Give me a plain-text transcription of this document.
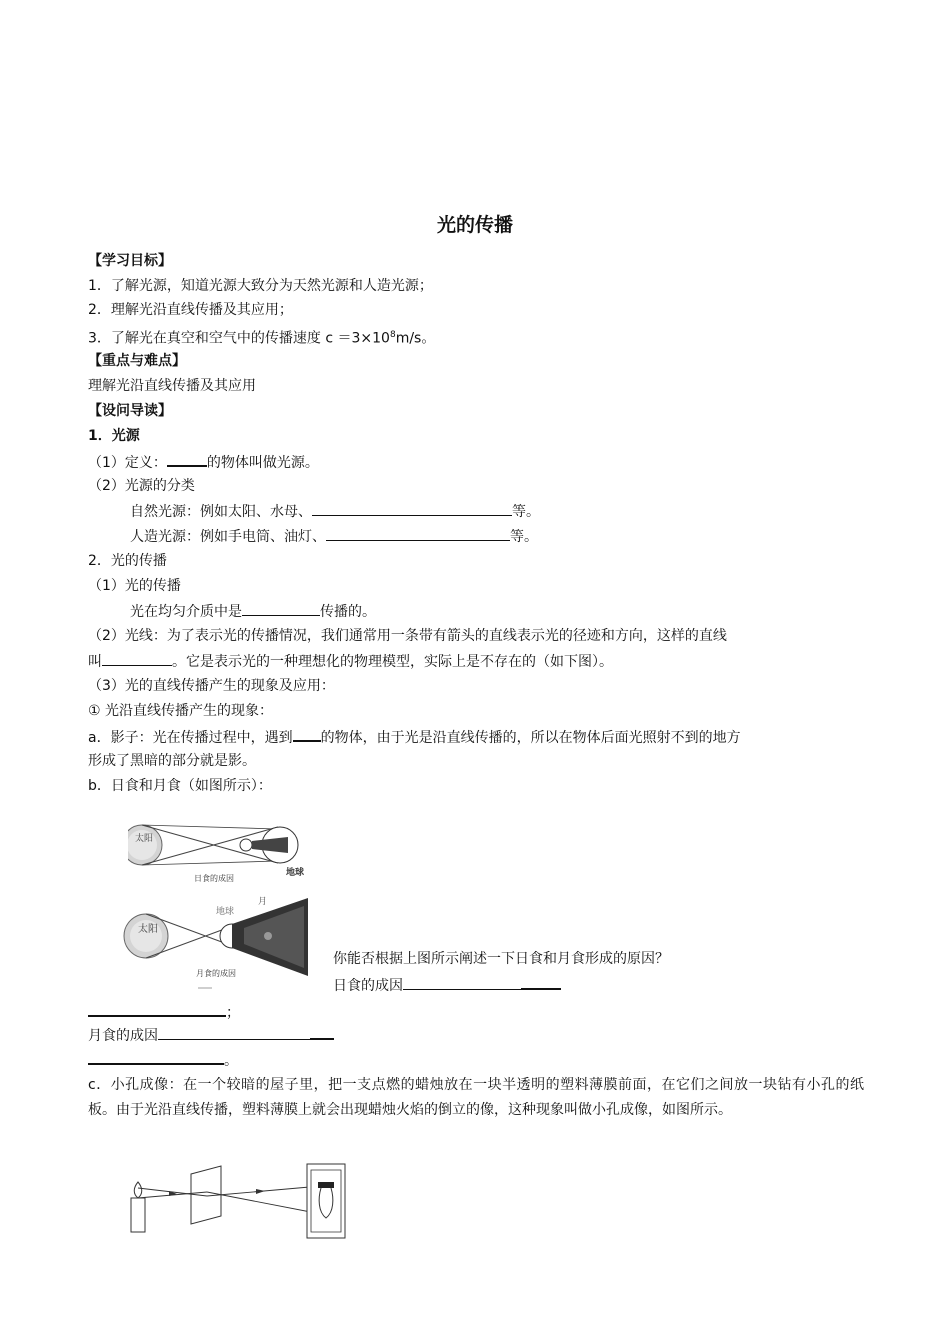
光的传播
【学习目标】
1．了解光源，知道光源大致分为天然光源和人造光源；
2．理解光沿直线传播及其应用；
3．了解光在真空和空气中的传播速度 $c =3\times 10^8m/s$。
【重点与难点】
理解光沿直线传播及其应用
【设问导读】
1．光源
（1）定义：	的物体叫做光源。
（2）光源的分类
自然光源：例如太阳、水母、	等。
人造光源：例如手电筒、油灯、	等。
2．光的传播
（1）光的传播
光在均匀介质中是	传播的。
（2）光线：为了表示光的传播情况，我们通常用一条带有箭头的直线表示光的径迹和方向，这样的直线
叫	。它是表示光的一种理想化的物理模型，实际上是不存在的（如下图）。
（3）光的直线传播产生的现象及应用：
① 光沿直线传播产生的现象：
a．影子：光在传播过程中，遇到 的物体，由于光是沿直线传播的，所以在物体后面光照射不到的地方
形成了黑暗的部分就是影。
b．日食和月食（如图所示）：
太阳
日食的成因
地球
太阳
地球
月
月食的成因
你能否根据上图所示阐述一下日食和月食形成的原因？
日食的成因
；
月食的成因
。
c．小孔成像：在一个较暗的屋子里，把一支点燃的蜡烛放在一块半透明的塑料薄膜前面，在它们之间放一块钻有小孔的纸板。由于光沿直线传播，塑料薄膜上就会出现蜡烛火焰的倒立的像，这种现象叫做小孔成像，如图所示。
